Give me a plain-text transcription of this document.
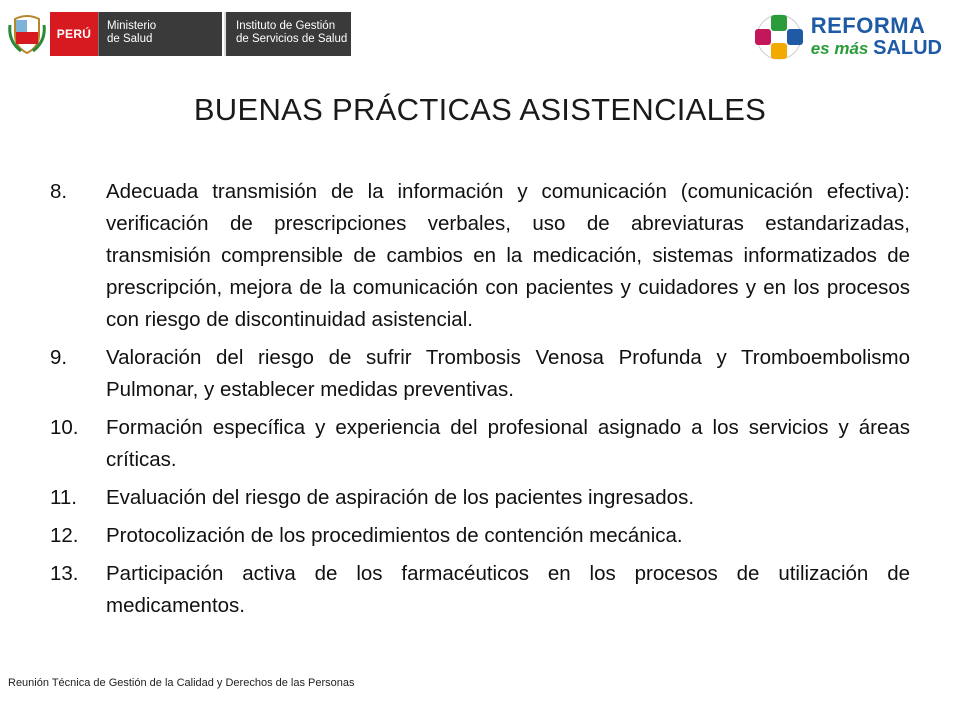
PERÚ
Ministerio
de Salud
Instituto de Gestión
de Servicios de Salud
REFORMA
es más SALUD
BUENAS PRÁCTICAS ASISTENCIALES
8.	Adecuada transmisión de la información y comunicación (comunicación efectiva): verificación de prescripciones verbales, uso de abreviaturas estandarizadas, transmisión comprensible de cambios en la medicación, sistemas informatizados de prescripción, mejora de la comunicación con pacientes y cuidadores y en los procesos con riesgo de discontinuidad asistencial.
9.	Valoración del riesgo de sufrir Trombosis Venosa Profunda y Tromboembolismo Pulmonar, y establecer medidas preventivas.
10.	Formación específica y experiencia del profesional asignado a los servicios y áreas críticas.
11.	Evaluación del riesgo de aspiración de los pacientes ingresados.
12.	Protocolización de los procedimientos de contención mecánica.
13.	Participación activa de los farmacéuticos en los procesos de utilización de medicamentos.
Reunión Técnica de Gestión de la Calidad y Derechos de las Personas
